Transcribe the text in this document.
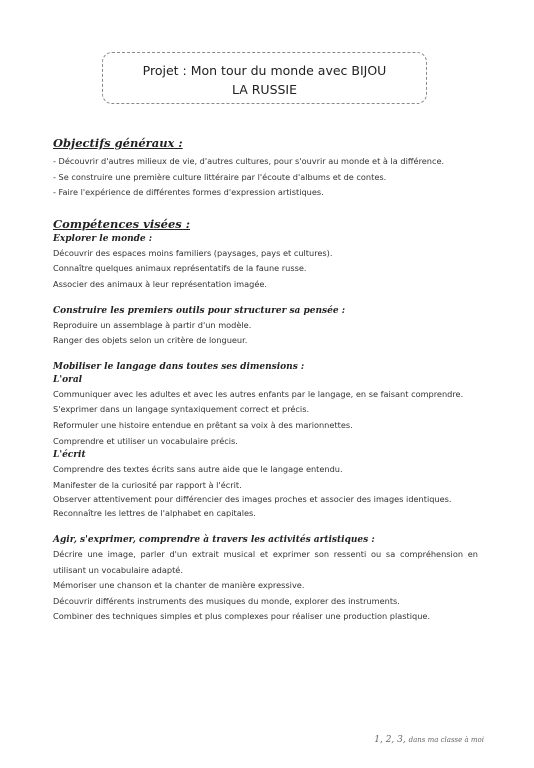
Projet : Mon tour du monde avec BIJOU
LA RUSSIE
Objectifs généraux :
- Découvrir d'autres milieux de vie, d'autres cultures, pour s'ouvrir au monde et à la différence.
- Se construire une première culture littéraire par l'écoute d'albums et de contes.
- Faire l'expérience de différentes formes d'expression artistiques.
Compétences visées :
Explorer le monde :
Découvrir des espaces moins familiers (paysages, pays et cultures).
Connaître quelques animaux représentatifs de la faune russe.
Associer des animaux à leur représentation imagée.
Construire les premiers outils pour structurer sa pensée :
Reproduire un assemblage à partir d'un modèle.
Ranger des objets selon un critère de longueur.
Mobiliser le langage dans toutes ses dimensions :
L'oral
Communiquer avec les adultes et avec les autres enfants par le langage, en se faisant comprendre.
S'exprimer dans un langage syntaxiquement correct et précis.
Reformuler une histoire entendue en prêtant sa voix à des marionnettes.
Comprendre et utiliser un vocabulaire précis.
L'écrit
Comprendre des textes écrits sans autre aide que le langage entendu.
Manifester de la curiosité par rapport à l'écrit.
Observer attentivement pour différencier des images proches et associer des images identiques.
Reconnaître les lettres de l'alphabet en capitales.
Agir, s'exprimer, comprendre à travers les activités artistiques :
Décrire une image, parler d'un extrait musical et exprimer son ressenti ou sa compréhension en utilisant un vocabulaire adapté.
Mémoriser une chanson et la chanter de manière expressive.
Découvrir différents instruments des musiques du monde, explorer des instruments.
Combiner des techniques simples et plus complexes pour réaliser une production plastique.
1, 2, 3, dans ma classe à moi
